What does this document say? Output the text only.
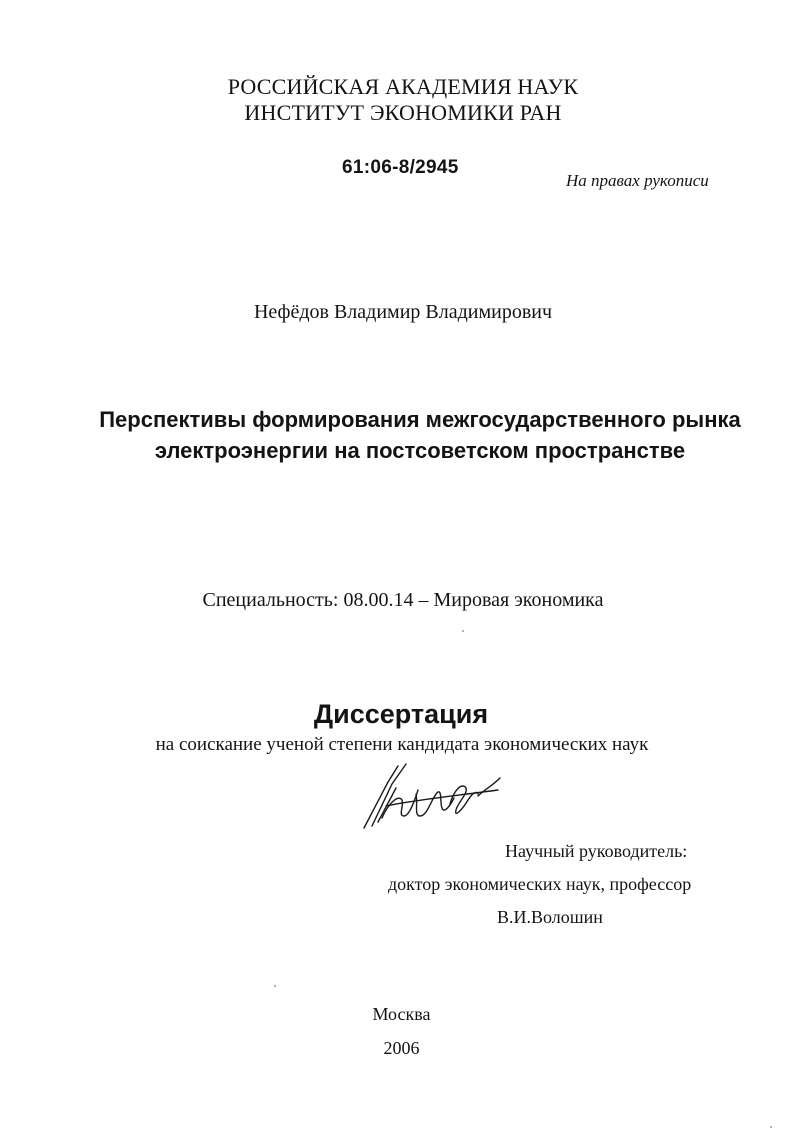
РОССИЙСКАЯ АКАДЕМИЯ НАУК
ИНСТИТУТ ЭКОНОМИКИ РАН
61:06-8/2945
На правах рукописи
Нефёдов Владимир Владимирович
Перспективы формирования межгосударственного рынка электроэнергии на постсоветском пространстве
Специальность: 08.00.14 – Мировая экономика
Диссертация
на соискание ученой степени кандидата экономических наук
Научный руководитель:
доктор экономических наук, профессор
В.И.Волошин
Москва
2006
